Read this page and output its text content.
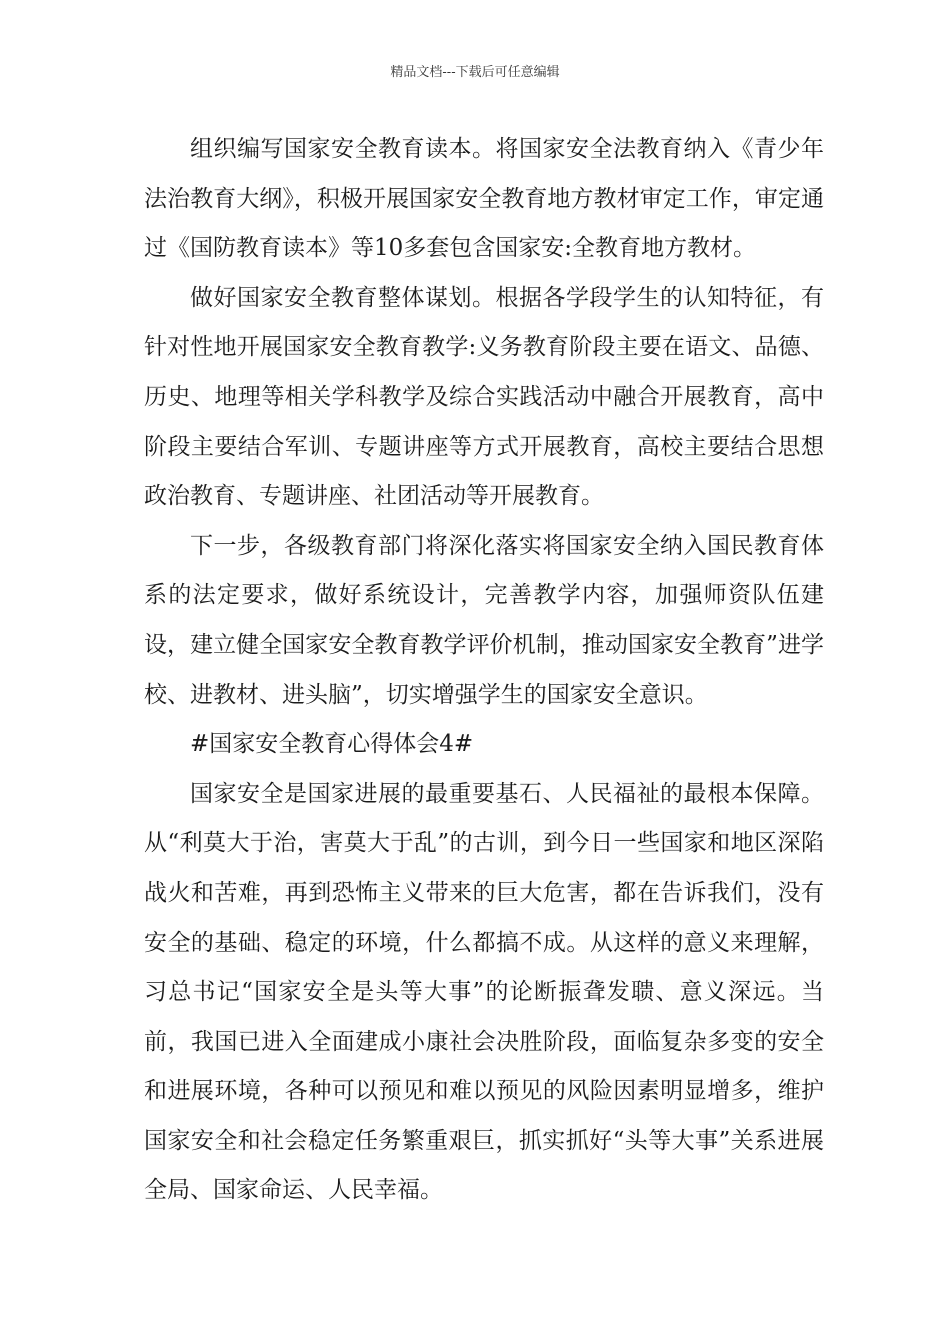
精品文档---下载后可任意编辑

组织编写国家安全教育读本。将国家安全法教育纳入《青少年法治教育大纲》，积极开展国家安全教育地方教材审定工作，审定通过《国防教育读本》等10多套包含国家安:全教育地方教材。

做好国家安全教育整体谋划。根据各学段学生的认知特征，有针对性地开展国家安全教育教学:义务教育阶段主要在语文、品德、历史、地理等相关学科教学及综合实践活动中融合开展教育，高中阶段主要结合军训、专题讲座等方式开展教育，高校主要结合思想政治教育、专题讲座、社团活动等开展教育。

下一步，各级教育部门将深化落实将国家安全纳入国民教育体系的法定要求，做好系统设计，完善教学内容，加强师资队伍建设，建立健全国家安全教育教学评价机制，推动国家安全教育”进学校、进教材、进头脑”，切实增强学生的国家安全意识。

#国家安全教育心得体会4#

国家安全是国家进展的最重要基石、人民福祉的最根本保障。从“利莫大于治，害莫大于乱”的古训，到今日一些国家和地区深陷战火和苦难，再到恐怖主义带来的巨大危害，都在告诉我们，没有安全的基础、稳定的环境，什么都搞不成。从这样的意义来理解，习总书记“国家安全是头等大事”的论断振聋发聩、意义深远。当前，我国已进入全面建成小康社会决胜阶段，面临复杂多变的安全和进展环境，各种可以预见和难以预见的风险因素明显增多，维护国家安全和社会稳定任务繁重艰巨，抓实抓好“头等大事”关系进展全局、国家命运、人民幸福。
